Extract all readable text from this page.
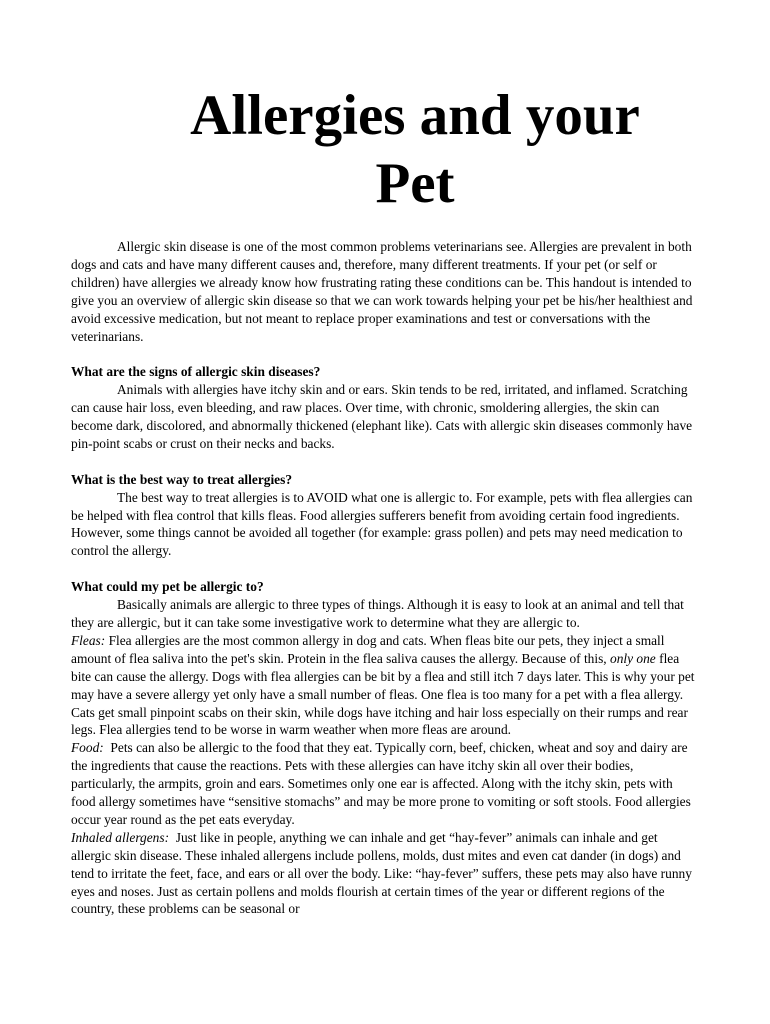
Allergies and your
Pet

Allergic skin disease is one of the most common problems veterinarians see. Allergies are prevalent in both dogs and cats and have many different causes and, therefore, many different treatments. If your pet (or self or children) have allergies we already know how frustrating rating these conditions can be. This handout is intended to give you an overview of allergic skin disease so that we can work towards helping your pet be his/her healthiest and avoid excessive medication, but not meant to replace proper examinations and test or conversations with the veterinarians.

What are the signs of allergic skin diseases?

Animals with allergies have itchy skin and or ears. Skin tends to be red, irritated, and inflamed. Scratching can cause hair loss, even bleeding, and raw places. Over time, with chronic, smoldering allergies, the skin can become dark, discolored, and abnormally thickened (elephant like). Cats with allergic skin diseases commonly have pin-point scabs or crust on their necks and backs.

What is the best way to treat allergies?

The best way to treat allergies is to AVOID what one is allergic to. For example, pets with flea allergies can be helped with flea control that kills fleas. Food allergies sufferers benefit from avoiding certain food ingredients. However, some things cannot be avoided all together (for example: grass pollen) and pets may need medication to control the allergy.

What could my pet be allergic to?

Basically animals are allergic to three types of things. Although it is easy to look at an animal and tell that they are allergic, but it can take some investigative work to determine what they are allergic to.

Fleas: Flea allergies are the most common allergy in dog and cats. When fleas bite our pets, they inject a small amount of flea saliva into the pet's skin. Protein in the flea saliva causes the allergy. Because of this, only one flea bite can cause the allergy. Dogs with flea allergies can be bit by a flea and still itch 7 days later. This is why your pet may have a severe allergy yet only have a small number of fleas. One flea is too many for a pet with a flea allergy. Cats get small pinpoint scabs on their skin, while dogs have itching and hair loss especially on their rumps and rear legs. Flea allergies tend to be worse in warm weather when more fleas are around.

Food:  Pets can also be allergic to the food that they eat. Typically corn, beef, chicken, wheat and soy and dairy are the ingredients that cause the reactions. Pets with these allergies can have itchy skin all over their bodies, particularly, the armpits, groin and ears. Sometimes only one ear is affected. Along with the itchy skin, pets with food allergy sometimes have “sensitive stomachs” and may be more prone to vomiting or soft stools. Food allergies occur year round as the pet eats everyday.

Inhaled allergens:  Just like in people, anything we can inhale and get “hay-fever” animals can inhale and get allergic skin disease. These inhaled allergens include pollens, molds, dust mites and even cat dander (in dogs) and tend to irritate the feet, face, and ears or all over the body. Like: “hay-fever” suffers, these pets may also have runny eyes and noses. Just as certain pollens and molds flourish at certain times of the year or different regions of the country, these problems can be seasonal or
